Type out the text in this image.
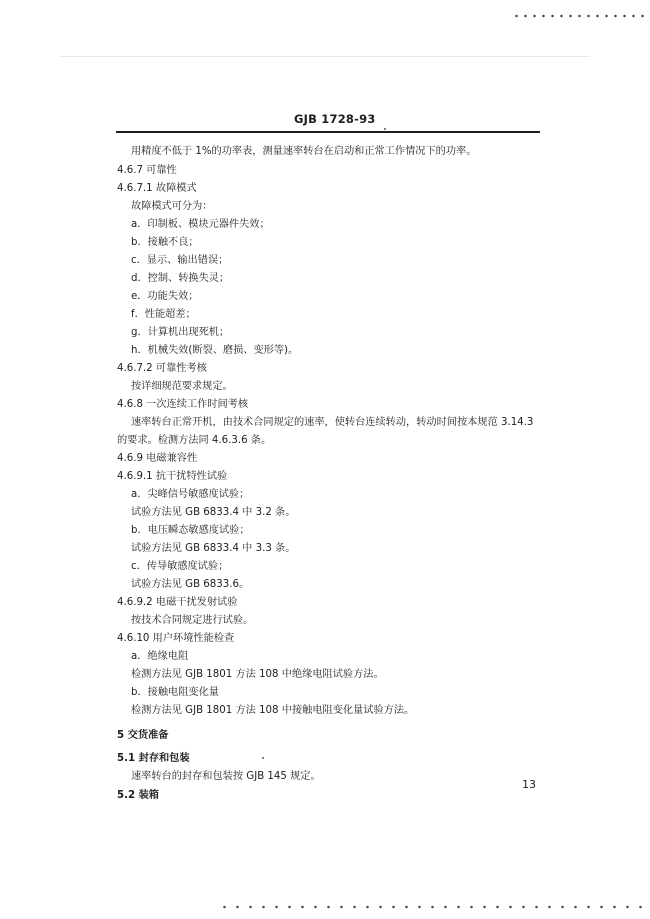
GJB 1728-93
用精度不低于 1%的功率表，测量速率转台在启动和正常工作情况下的功率。
4.6.7 可靠性
4.6.7.1 故障模式
故障模式可分为：
a．印制板、模块元器件失效；
b．接触不良；
c．显示、输出错误；
d．控制、转换失灵；
e．功能失效；
f．性能超差；
g．计算机出现死机；
h．机械失效(断裂、磨损、变形等)。
4.6.7.2 可靠性考核
按详细规范要求规定。
4.6.8 一次连续工作时间考核
速率转台正常开机，由技术合同规定的速率，使转台连续转动，转动时间按本规范 3.14.3
的要求。检测方法同 4.6.3.6 条。
4.6.9 电磁兼容性
4.6.9.1 抗干扰特性试验
a．尖峰信号敏感度试验；
试验方法见 GB 6833.4 中 3.2 条。
b．电压瞬态敏感度试验；
试验方法见 GB 6833.4 中 3.3 条。
c．传导敏感度试验；
试验方法见 GB 6833.6。
4.6.9.2 电磁干扰发射试验
按技术合同规定进行试验。
4.6.10 用户环境性能检查
a．绝缘电阻
检测方法见 GJB 1801 方法 108 中绝缘电阻试验方法。
b．接触电阻变化量
检测方法见 GJB 1801 方法 108 中接触电阻变化量试验方法。
5 交货准备
5.1 封存和包装
速率转台的封存和包装按 GJB 145 规定。
5.2 装箱
13
